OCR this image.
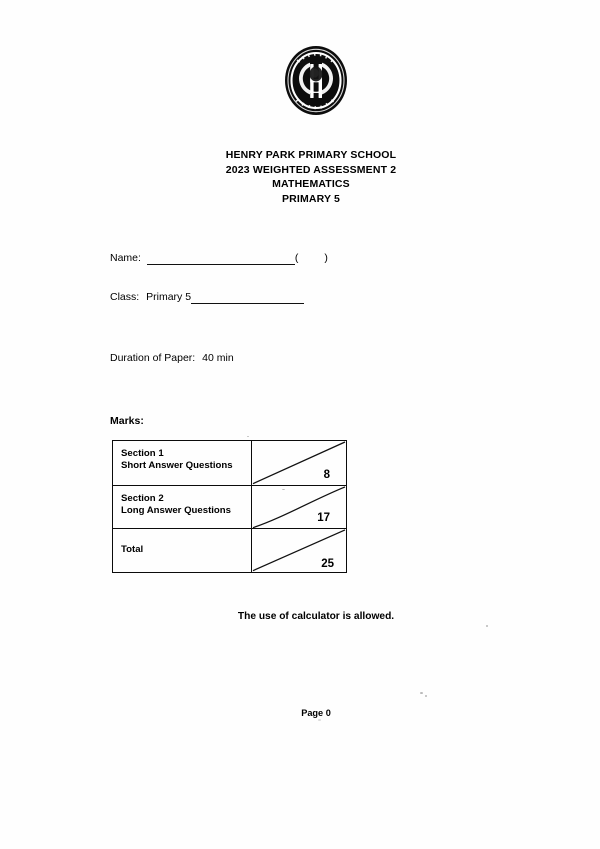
HENRY PARK PRIMARY SCHOOL
2023 WEIGHTED ASSESSMENT 2
MATHEMATICS
PRIMARY 5
Name:	( )
Class: Primary 5
Duration of Paper: 40 min
Marks:
Section 1
Short Answer Questions
8
Section 2
Long Answer Questions
17
Total
25
The use of calculator is allowed.
Page 0
